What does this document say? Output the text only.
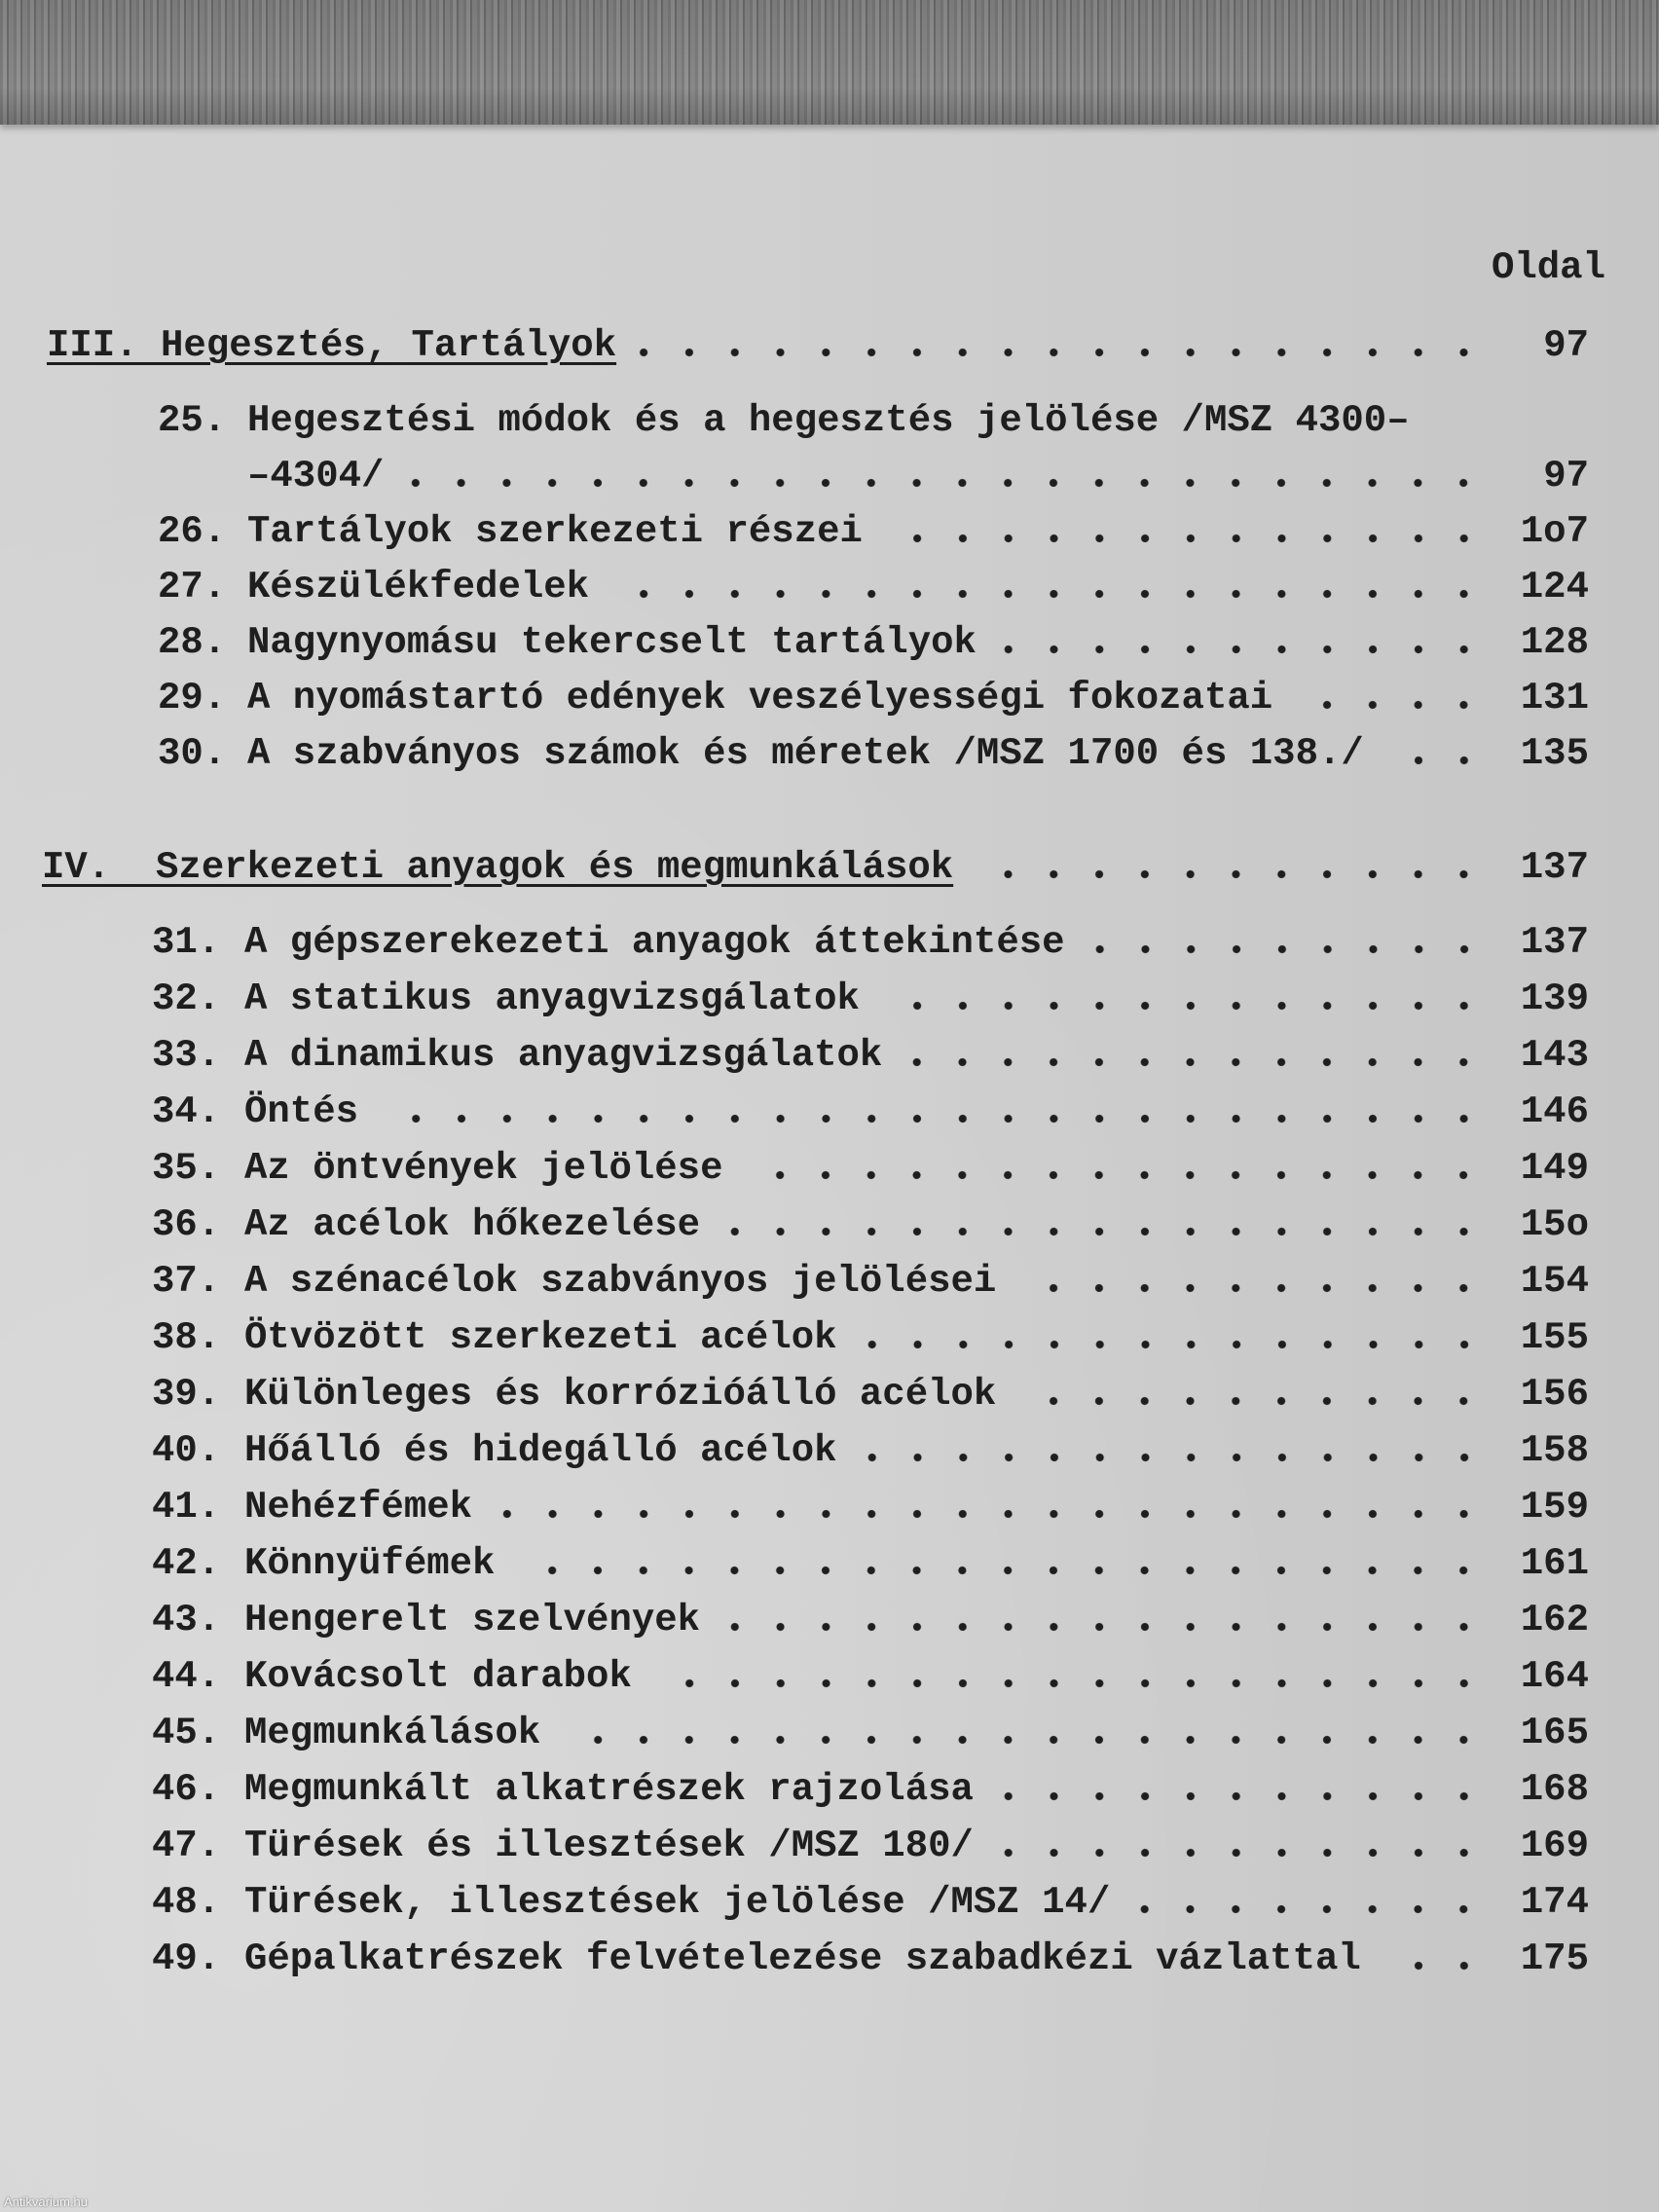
Oldal
III. Hegesztés, Tartályok	97
25. Hegesztési módok és a hegesztés jelölése /MSZ 4300–
–4304/	97
26. Tartályok szerkezeti részei	1o7
27. Készülékfedelek	124
28. Nagynyomásu tekercselt tartályok	128
29. A nyomástartó edények veszélyességi fokozatai	131
30. A szabványos számok és méretek /MSZ 1700 és 138./	135
IV.  Szerkezeti anyagok és megmunkálások	137
31. A gépszerekezeti anyagok áttekintése	137
32. A statikus anyagvizsgálatok	139
33. A dinamikus anyagvizsgálatok	143
34. Öntés	146
35. Az öntvények jelölése	149
36. Az acélok hőkezelése	15o
37. A szénacélok szabványos jelölései	154
38. Ötvözött szerkezeti acélok	155
39. Különleges és korrózióálló acélok	156
40. Hőálló és hidegálló acélok	158
41. Nehézfémek	159
42. Könnyüfémek	161
43. Hengerelt szelvények	162
44. Kovácsolt darabok	164
45. Megmunkálások	165
46. Megmunkált alkatrészek rajzolása	168
47. Türések és illesztések /MSZ 180/	169
48. Türések, illesztések jelölése /MSZ 14/	174
49. Gépalkatrészek felvételezése szabadkézi vázlattal	175
Antikvarium.hu
